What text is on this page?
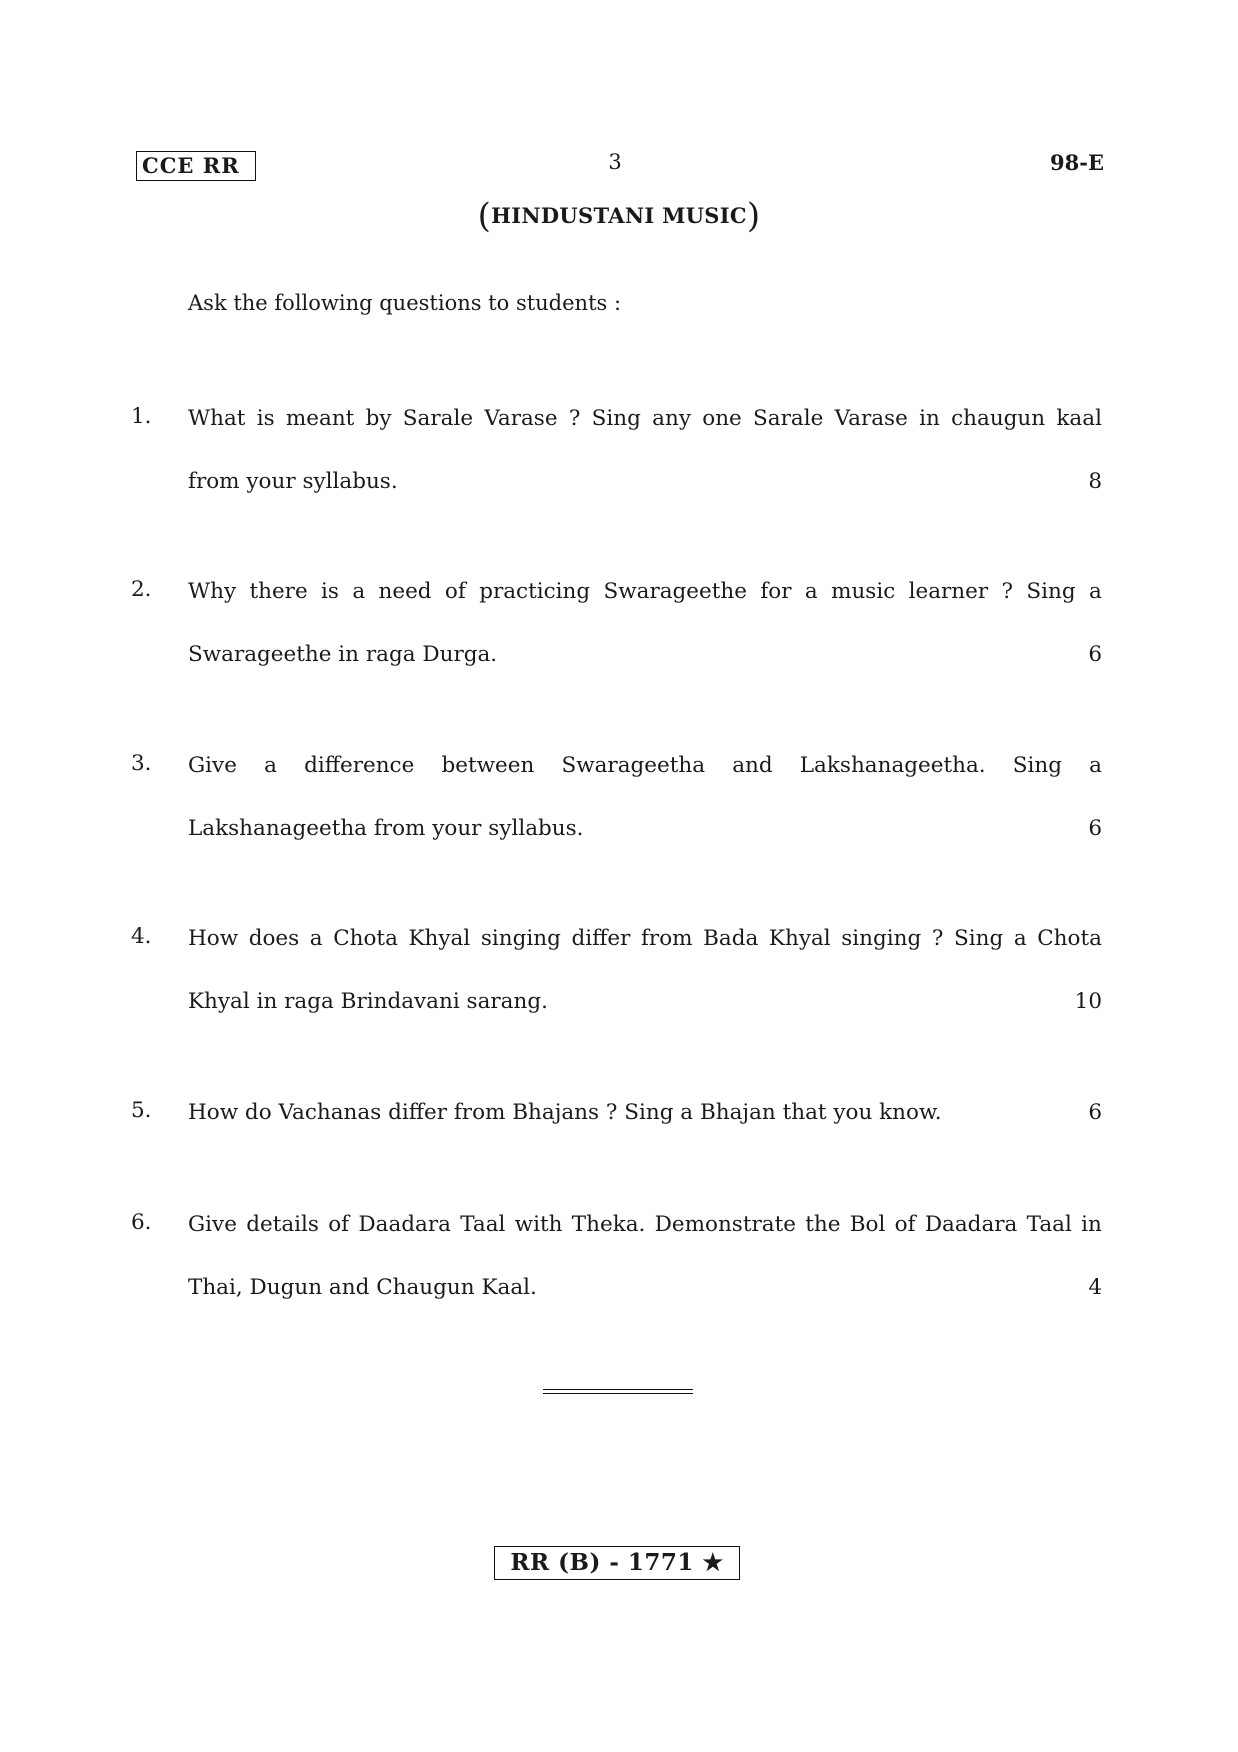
CCE RR	3	98-E
(HINDUSTANI MUSIC)
Ask the following questions to students :
1. What is meant by Sarale Varase ? Sing any one Sarale Varase in chaugun kaal
from your syllabus.	8
2. Why there is a need of practicing Swarageethe for a music learner ? Sing a
Swarageethe in raga Durga.	6
3. Give a difference between Swarageetha and Lakshanageetha. Sing a
Lakshanageetha from your syllabus.	6
4. How does a Chota Khyal singing differ from Bada Khyal singing ? Sing a Chota
Khyal in raga Brindavani sarang.	10
5. How do Vachanas differ from Bhajans ? Sing a Bhajan that you know.	6
6. Give details of Daadara Taal with Theka. Demonstrate the Bol of Daadara Taal in
Thai, Dugun and Chaugun Kaal.	4
RR (B) - 1771 ★
